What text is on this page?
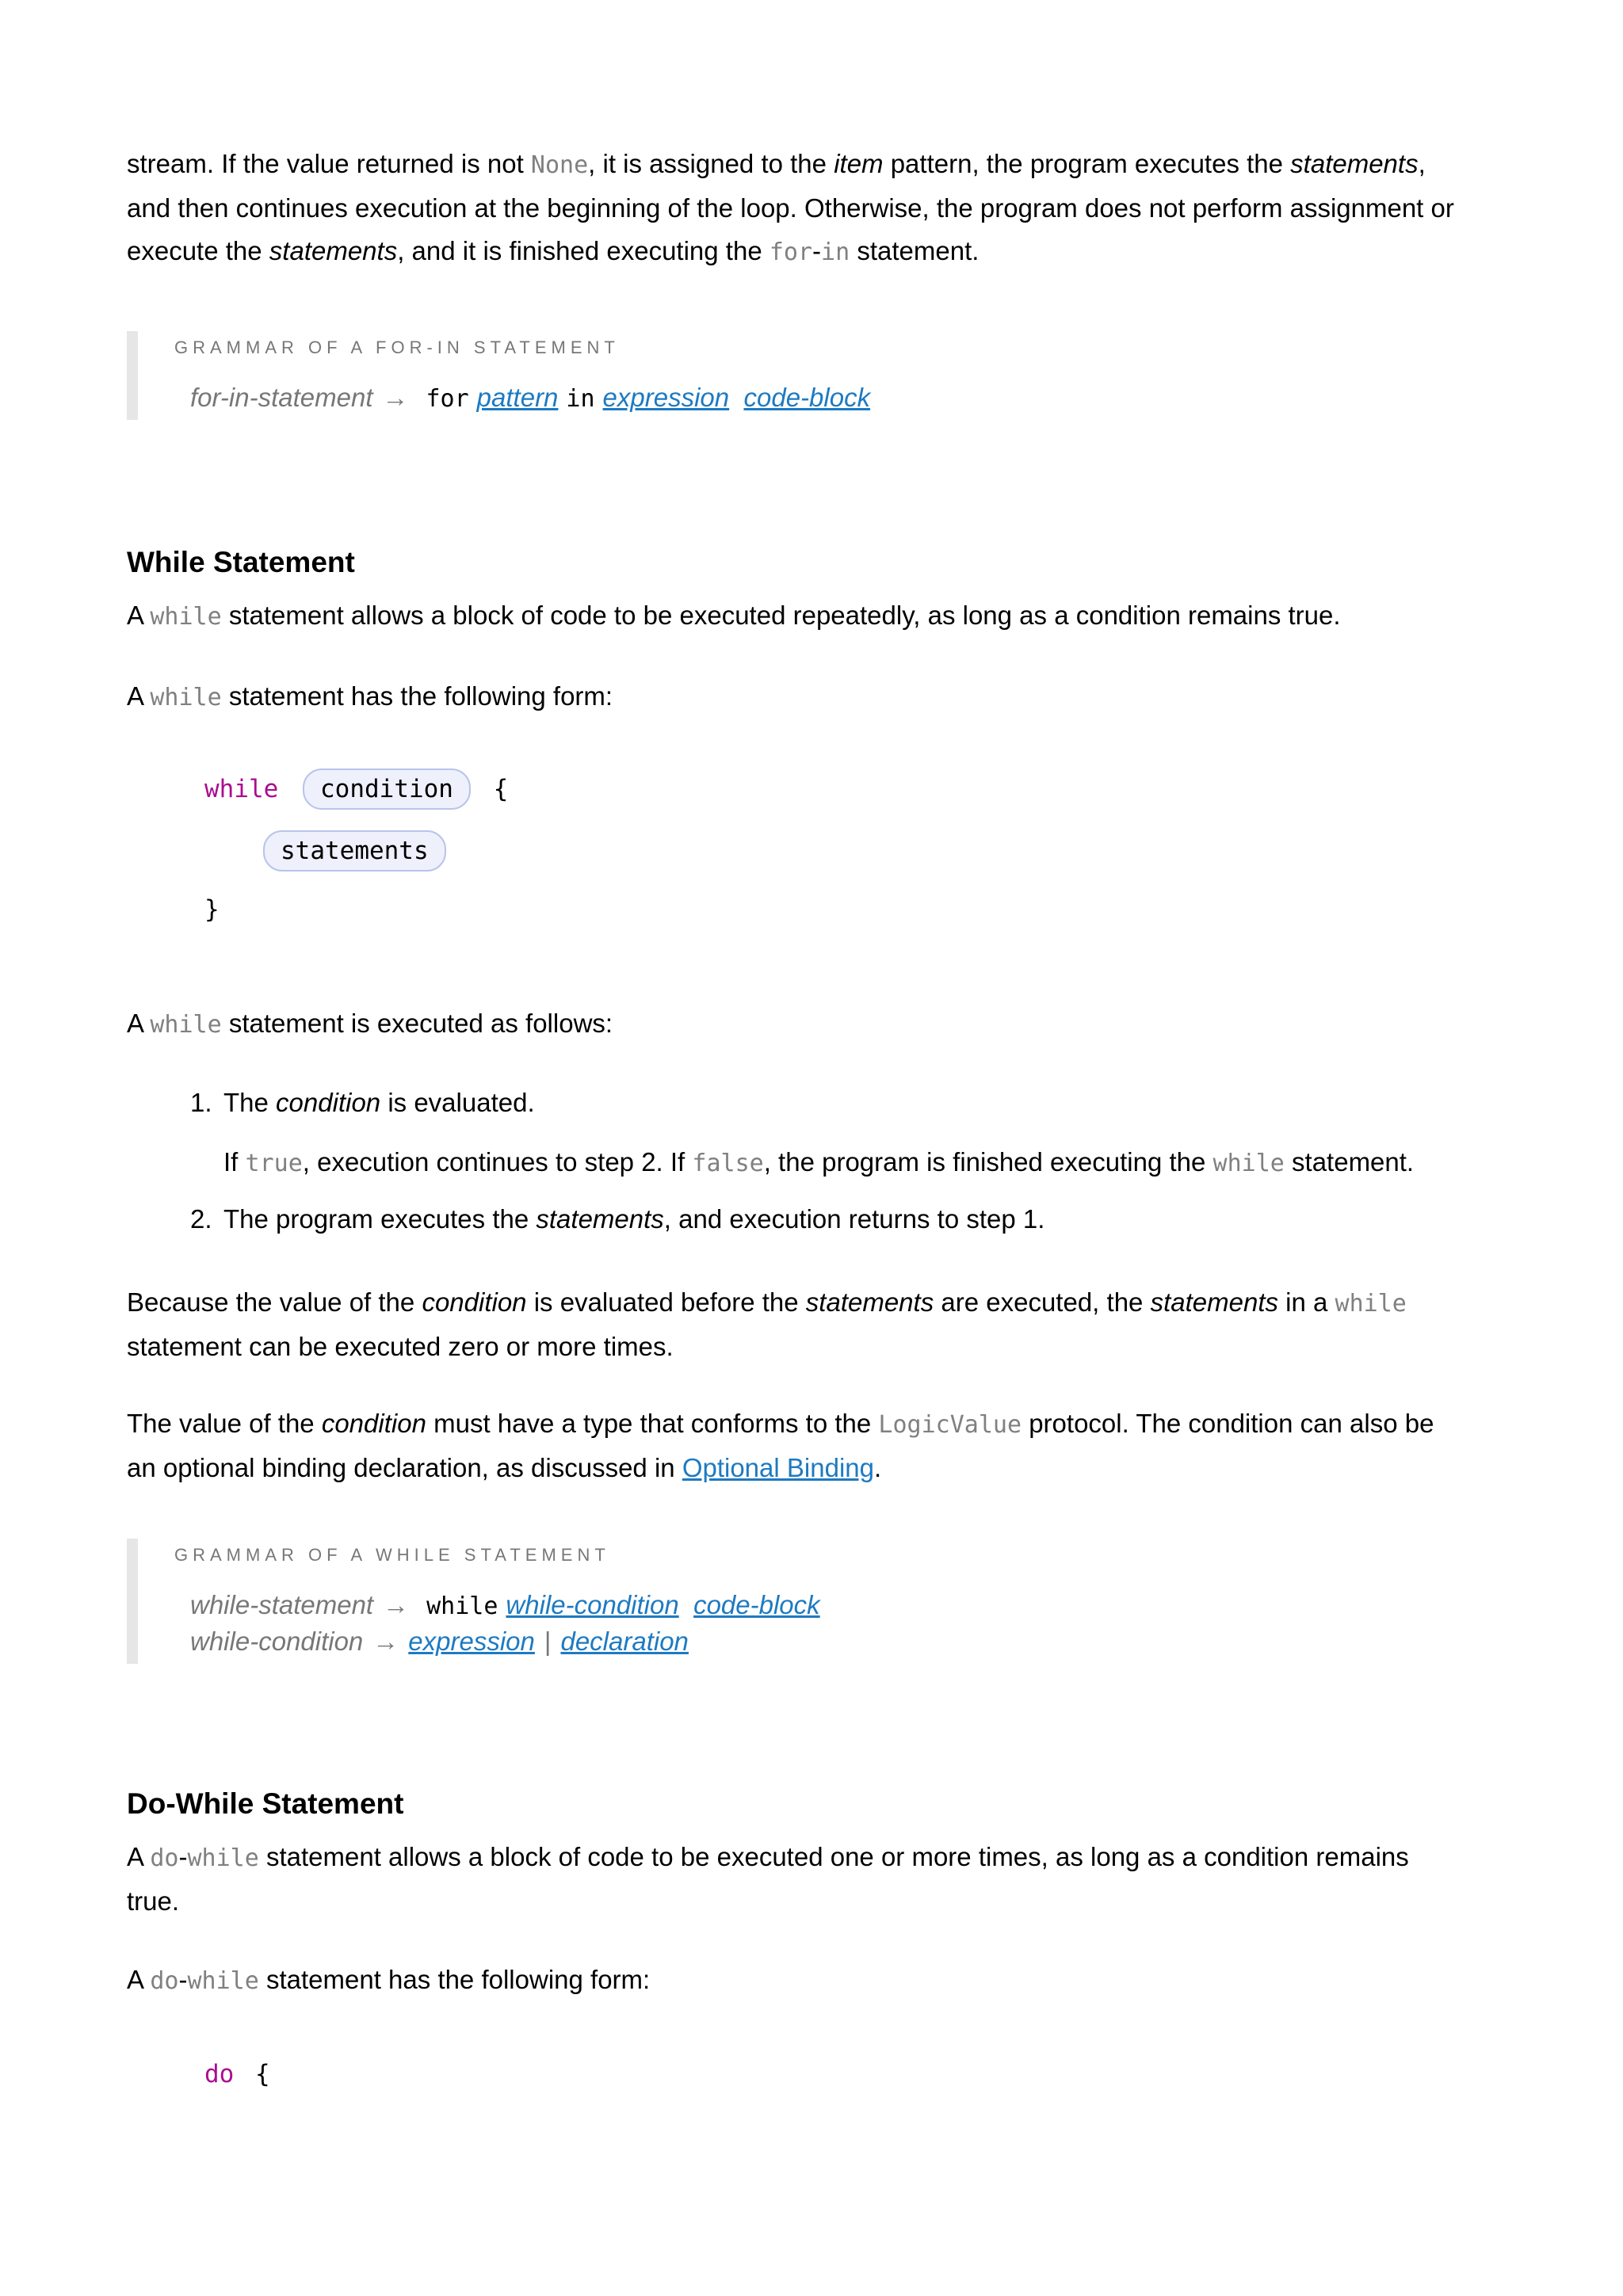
stream. If the value returned is not None, it is assigned to the item pattern, the program executes the statements,

and then continues execution at the beginning of the loop. Otherwise, the program does not perform assignment or

execute the statements, and it is finished executing the for-in statement.

GRAMMAR OF A FOR-IN STATEMENT
for-in-statement → for pattern in expression code-block
While Statement

A while statement allows a block of code to be executed repeatedly, as long as a condition remains true.

A while statement has the following form:

while condition {
statements
}

A while statement is executed as follows:

1. The condition is evaluated.
If true, execution continues to step 2. If false, the program is finished executing the while statement.
2. The program executes the statements, and execution returns to step 1.

Because the value of the condition is evaluated before the statements are executed, the statements in a while

statement can be executed zero or more times.

The value of the condition must have a type that conforms to the LogicValue protocol. The condition can also be

an optional binding declaration, as discussed in Optional Binding.

GRAMMAR OF A WHILE STATEMENT
while-statement → while while-condition code-block
while-condition → expression | declaration
Do-While Statement

A do-while statement allows a block of code to be executed one or more times, as long as a condition remains

true.

A do-while statement has the following form:

do {
